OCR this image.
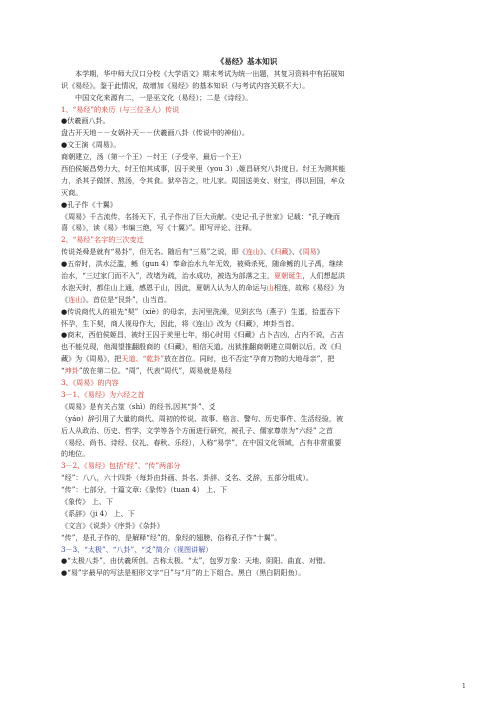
《易经》基本知识
本学期，华中师大汉口分校《大学语文》期末考试为统一出题，其复习资料中有拓展知
识《易经》。鉴于此情况，故增加《易经》的基本知识（与考试内容关联不大）。
中国文化来源有二，一是巫文化（易经）；二是《诗经》。
1、“易经”的来历（与三位圣人）传说
●伏羲画八卦。
盘古开天地－－女娲补天－－伏羲画八卦（传说中的神仙）。
●文王演《周易》。
商朝建立，汤（第一个王）－纣王（子受辛，最后一个王）
西伯侯姬昌势力大，纣王怕其成事，囚于羑里（you 3）,姬昌研究八卦度日。纣王为测其能
力，杀其子做饼、熬汤，令其食。狱卒告之，吐儿家。周国送美女、财宝，得以回国，牟众
灭商。
●孔子作《十翼》
《周易》千古流传，名扬天下，孔子作出了巨大贡献。《史记·孔子世家》记载：“孔子晚而
喜《易》，读《易》韦编三绝，写《十翼》”。即写评论、注释。
2、“易经”名字的三次变迁
传说尧舜是就有“易卦”，但无名。随后有“三易”之说，即《连山》、《归藏》、《周易》
●五帝时，洪水泛滥，鲧（gun 4）奉命治水九年无效，被舜杀死，随命鲧的儿子禹，继续
治水，“三过家门而不入”，改堵为疏，治水成功，被选为部落之主，夏朝诞生，人们想起洪
水泡天时，都住山上通，感恩于山，因此，夏朝人认为人的命运与山相连，故称《易经》为
《连山》。首位是“艮卦”，山当首。
●传说商代人的祖先“契”（xiè）的母亲，去河里洗澡，见到玄鸟（燕子）生蛋，拾蛋吞下
怀孕，生下契，商人视母作大，因此，将《连山》改为《归藏》，坤卦当首。
●商末，西伯侯姬昌，被纣王囚于羑里七年，细心时用《归藏》占卜吉凶，占内不说，占吉
也不能兑现，他渴望推翻殷商的《归藏》，相信天道。出狱推翻商朝建立周朝以后，改《归
藏》为《周易》，把天道、“乾卦”放在首位。同时，也不否定“孕育万物的大地母亲”，把
“坤卦”放在第二位。“周”，代表“周代”，周易就是易经
3、《周易》的内容
3－1、《易经》为六经之首
《周易》是有关占筮（shì）的经书,因其“卦”、爻
（yáo）辞引用了大量的商代、周初的传说、故事、格言、警句、历史事件、生活经验，被
后人从政治、历史、哲学、文学等各个方面进行研究，被孔子、儒家尊崇为“六经” 之首
（易经、尚书、诗经、仪礼、春秋、乐经），人称“易学”，在中国文化领域，占有非常重要
的地位。
3－2、《易经》包括“经”、“传”两部分
“经”：八八，六十四卦（每卦由卦画、卦名、卦辞、爻名、爻辞，五部分组成）。
“传”：七部分，十篇文章:《彖传》（tuan 4） 上、下
《象传》 上、下
《系辞》（ji 4） 上、下
《文言》《说卦》《序卦》《杂卦》
“传”，是孔子作的，是解释“经”的，象经的翅膀，俗称孔子作“十翼”。
3－3、“太极”、“八卦”、“爻”简介（视图讲解）
●“太极八卦”，由伏羲所创。古称太极。“太”，包罗万象：天地、阴阳、曲直、对错。
●“易”字最早的写法是相形文字“日”与“月”的上下组合。黑白（黑白阴阳鱼）。
1
